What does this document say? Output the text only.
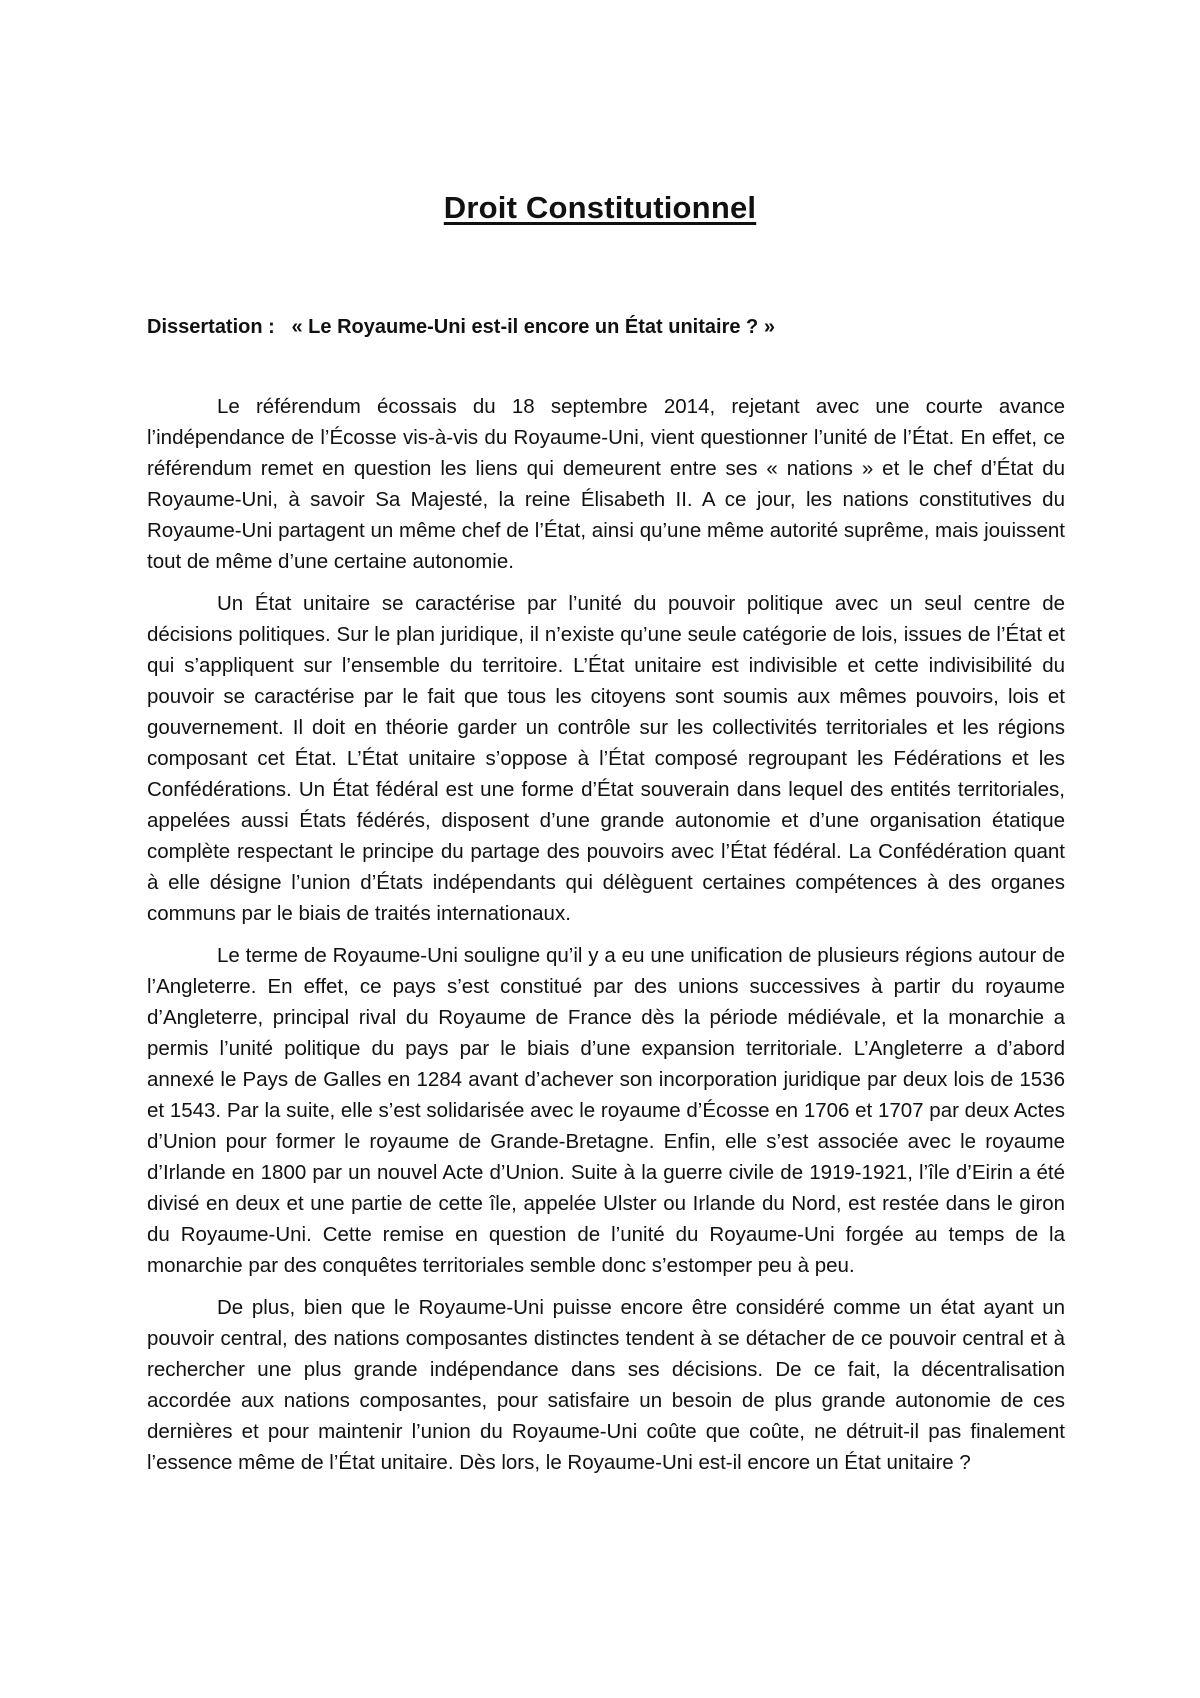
Droit Constitutionnel
Dissertation : « Le Royaume-Uni est-il encore un État unitaire ? »

Le référendum écossais du 18 septembre 2014, rejetant avec une courte avance l’indépendance de l’Écosse vis-à-vis du Royaume-Uni, vient questionner l’unité de l’État. En effet, ce référendum remet en question les liens qui demeurent entre ses « nations » et le chef d’État du Royaume-Uni, à savoir Sa Majesté, la reine Élisabeth II. A ce jour, les nations constitutives du Royaume-Uni partagent un même chef de l’État, ainsi qu’une même autorité suprême, mais jouissent tout de même d’une certaine autonomie.

Un État unitaire se caractérise par l’unité du pouvoir politique avec un seul centre de décisions politiques. Sur le plan juridique, il n’existe qu’une seule catégorie de lois, issues de l’État et qui s’appliquent sur l’ensemble du territoire. L’État unitaire est indivisible et cette indivisibilité du pouvoir se caractérise par le fait que tous les citoyens sont soumis aux mêmes pouvoirs, lois et gouvernement. Il doit en théorie garder un contrôle sur les collectivités territoriales et les régions composant cet État. L’État unitaire s’oppose à l’État composé regroupant les Fédérations et les Confédérations. Un État fédéral est une forme d’État souverain dans lequel des entités territoriales, appelées aussi États fédérés, disposent d’une grande autonomie et d’une organisation étatique complète respectant le principe du partage des pouvoirs avec l’État fédéral. La Confédération quant à elle désigne l’union d’États indépendants qui délèguent certaines compétences à des organes communs par le biais de traités internationaux.

Le terme de Royaume-Uni souligne qu’il y a eu une unification de plusieurs régions autour de l’Angleterre. En effet, ce pays s’est constitué par des unions successives à partir du royaume d’Angleterre, principal rival du Royaume de France dès la période médiévale, et la monarchie a permis l’unité politique du pays par le biais d’une expansion territoriale. L’Angleterre a d’abord annexé le Pays de Galles en 1284 avant d’achever son incorporation juridique par deux lois de 1536 et 1543. Par la suite, elle s’est solidarisée avec le royaume d’Écosse en 1706 et 1707 par deux Actes d’Union pour former le royaume de Grande-Bretagne. Enfin, elle s’est associée avec le royaume d’Irlande en 1800 par un nouvel Acte d’Union. Suite à la guerre civile de 1919-1921, l’île d’Eirin a été divisé en deux et une partie de cette île, appelée Ulster ou Irlande du Nord, est restée dans le giron du Royaume-Uni. Cette remise en question de l’unité du Royaume-Uni forgée au temps de la monarchie par des conquêtes territoriales semble donc s’estomper peu à peu.

De plus, bien que le Royaume-Uni puisse encore être considéré comme un état ayant un pouvoir central, des nations composantes distinctes tendent à se détacher de ce pouvoir central et à rechercher une plus grande indépendance dans ses décisions. De ce fait, la décentralisation accordée aux nations composantes, pour satisfaire un besoin de plus grande autonomie de ces dernières et pour maintenir l’union du Royaume-Uni coûte que coûte, ne détruit-il pas finalement l’essence même de l’État unitaire. Dès lors, le Royaume-Uni est-il encore un État unitaire ?
